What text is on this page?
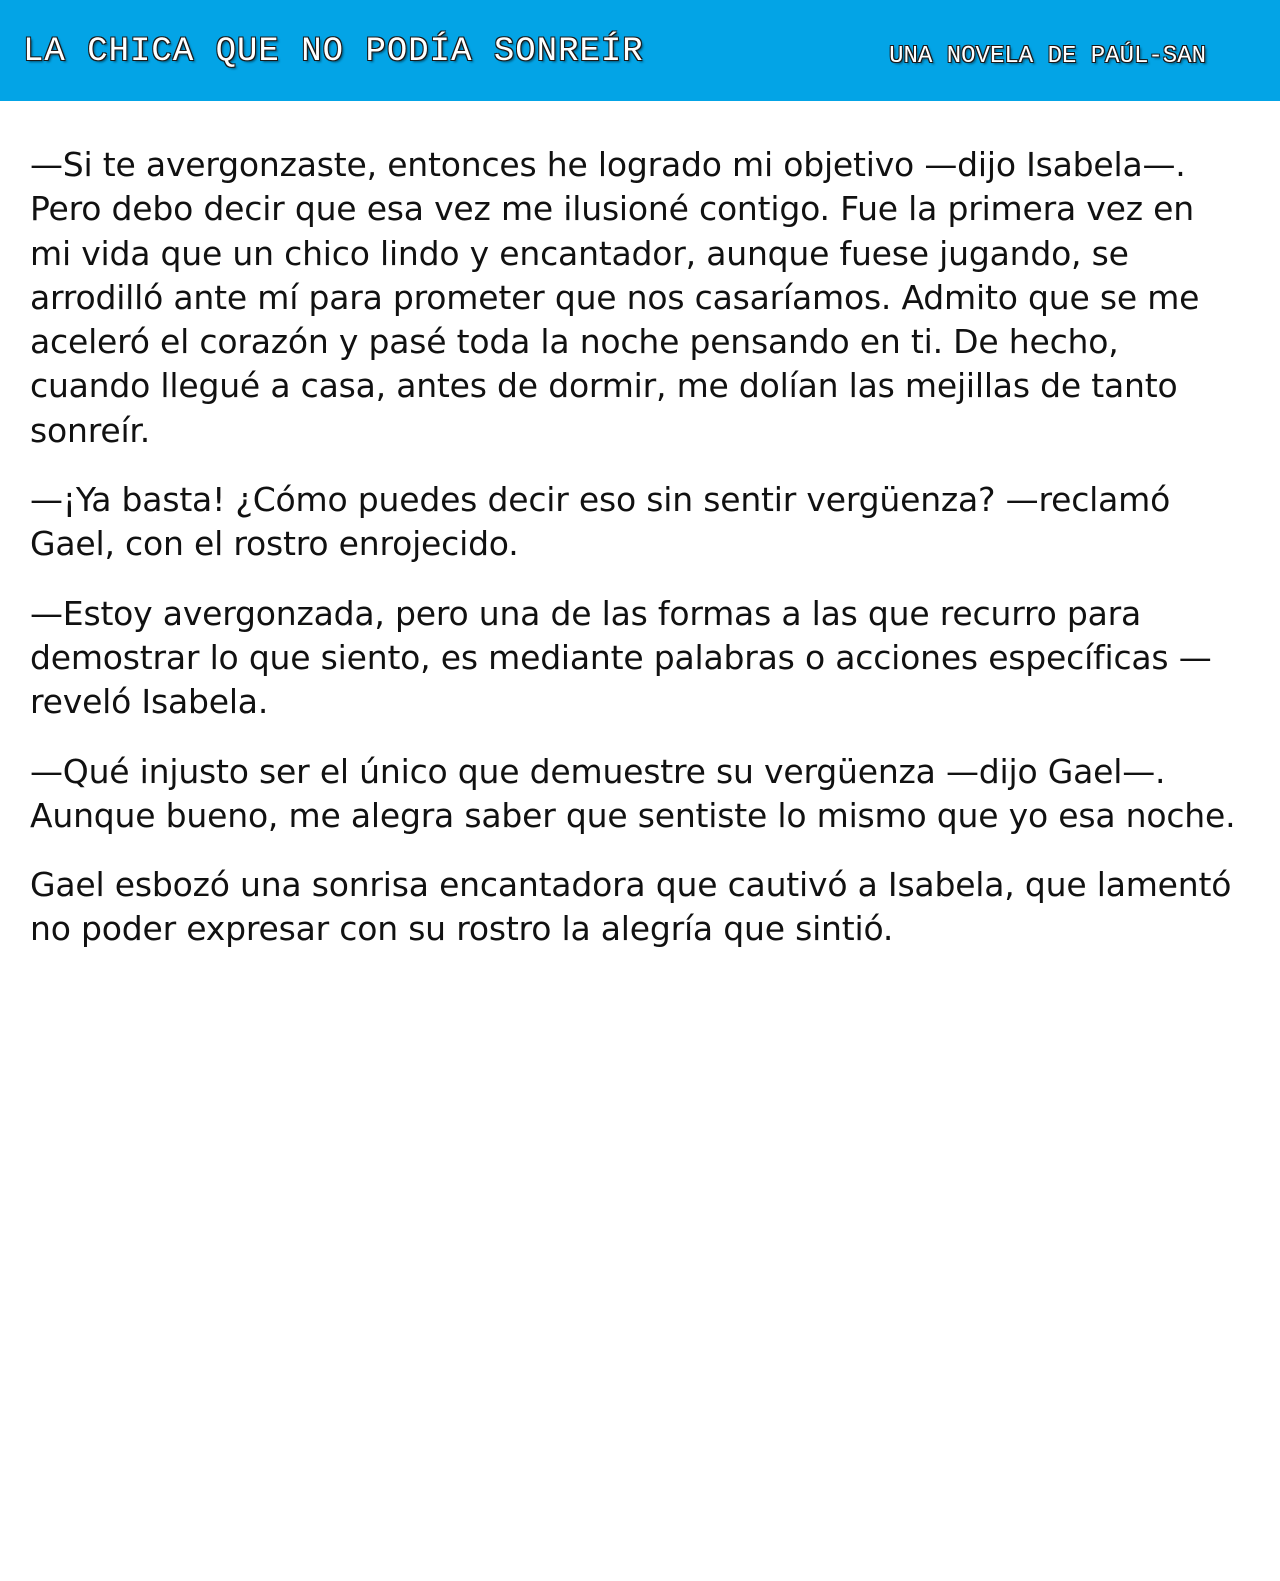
LA CHICA QUE NO PODÍA SONREÍR	UNA NOVELA DE PAÚL-SAN

—Si te avergonzaste, entonces he logrado mi objetivo —dijo Isabela—. Pero debo decir que esa vez me ilusioné contigo. Fue la primera vez en mi vida que un chico lindo y encantador, aunque fuese jugando, se arrodilló ante mí para prometer que nos casaríamos. Admito que se me aceleró el corazón y pasé toda la noche pensando en ti. De hecho, cuando llegué a casa, antes de dormir, me dolían las mejillas de tanto sonreír.

—¡Ya basta! ¿Cómo puedes decir eso sin sentir vergüenza? —reclamó Gael, con el rostro enrojecido.

—Estoy avergonzada, pero una de las formas a las que recurro para demostrar lo que siento, es mediante palabras o acciones específicas —reveló Isabela.

—Qué injusto ser el único que demuestre su vergüenza —dijo Gael—. Aunque bueno, me alegra saber que sentiste lo mismo que yo esa noche.

Gael esbozó una sonrisa encantadora que cautivó a Isabela, que lamentó no poder expresar con su rostro la alegría que sintió.
